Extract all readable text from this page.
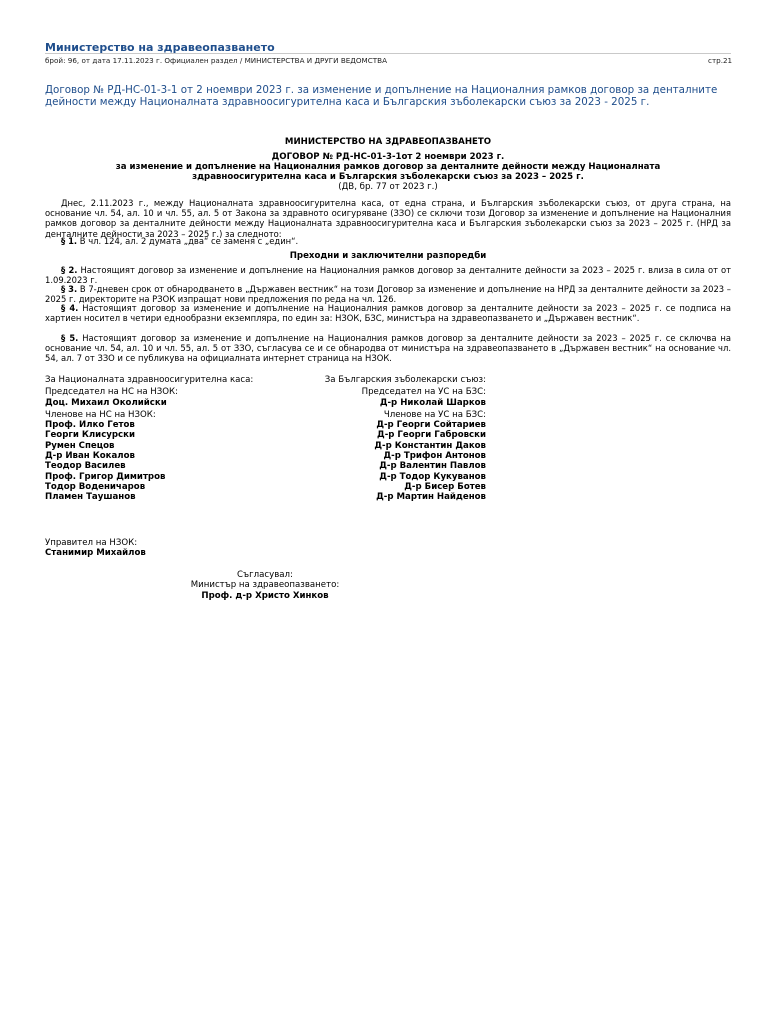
Министерство на здравеопазването
брой: 96, от дата 17.11.2023 г. Официален раздел / МИНИСТЕРСТВА И ДРУГИ ВЕДОМСТВА	стр.21
Договор № РД-НС-01-3-1 от 2 ноември 2023 г. за изменение и допълнение на Националния рамков договор за денталните
дейности между Националната здравноосигурителна каса и Българския зъболекарски съюз за 2023 - 2025 г.
МИНИСТЕРСТВО НА ЗДРАВЕОПАЗВАНЕТО
ДОГОВОР № РД-НС-01-3-1от 2 ноември 2023 г.
за изменение и допълнение на Националния рамков договор за денталните дейности между Националната
здравноосигурителна каса и Българския зъболекарски съюз за 2023 – 2025 г.
(ДВ, бр. 77 от 2023 г.)
Днес, 2.11.2023 г., между Националната здравноосигурителна каса, от една страна, и Българския зъболекарски съюз, от друга страна, на основание чл. 54, ал. 10 и чл. 55, ал. 5 от Закона за здравното осигуряване (ЗЗО) се сключи този Договор за изменение и допълнение на Националния рамков договор за денталните дейности между Националната здравноосигурителна каса и Българския зъболекарски съюз за 2023 – 2025 г. (НРД за денталните дейности за 2023 – 2025 г.) за следното:
§ 1. В чл. 124, ал. 2 думата „два“ се заменя с „един“.
Преходни и заключителни разпоредби
§ 2. Настоящият договор за изменение и допълнение на Националния рамков договор за денталните дейности за 2023 – 2025 г. влиза в сила от от 1.09.2023 г.
§ 3. В 7-дневен срок от обнародването в „Държавен вестник“ на този Договор за изменение и допълнение на НРД за денталните дейности за 2023 – 2025 г. директорите на РЗОК изпращат нови предложения по реда на чл. 126.
§ 4. Настоящият договор за изменение и допълнение на Националния рамков договор за денталните дейности за 2023 – 2025 г. се подписа на хартиен носител в четири еднообразни екземпляра, по един за: НЗОК, БЗС, министъра на здравеопазването и „Държавен вестник“.
§ 5. Настоящият договор за изменение и допълнение на Националния рамков договор за денталните дейности за 2023 – 2025 г. се сключва на основание чл. 54, ал. 10 и чл. 55, ал. 5 от ЗЗО, съгласува се и се обнародва от министъра на здравеопазването в „Държавен вестник“ на основание чл. 54, ал. 7 от ЗЗО и се публикува на официалната интернет страница на НЗОК.
За Националната здравноосигурителна каса:
Председател на НС на НЗОК:
Доц. Михаил Околийски
Членове на НС на НЗОК:
Проф. Илко Гетов
Георги Клисурски
Румен Спецов
Д-р Иван Кокалов
Теодор Василев
Проф. Григор Димитров
Тодор Воденичаров
Пламен Таушанов
За Българския зъболекарски съюз:
Председател на УС на БЗС:
Д-р Николай Шарков
Членове на УС на БЗС:
Д-р Георги Сойтариев
Д-р Георги Габровски
Д-р Константин Даков
Д-р Трифон Антонов
Д-р Валентин Павлов
Д-р Тодор Кукуванов
Д-р Бисер Ботев
Д-р Мартин Найденов
Управител на НЗОК:
Станимир Михайлов
Съгласувал:
Министър на здравеопазването:
Проф. д-р Христо Хинков
